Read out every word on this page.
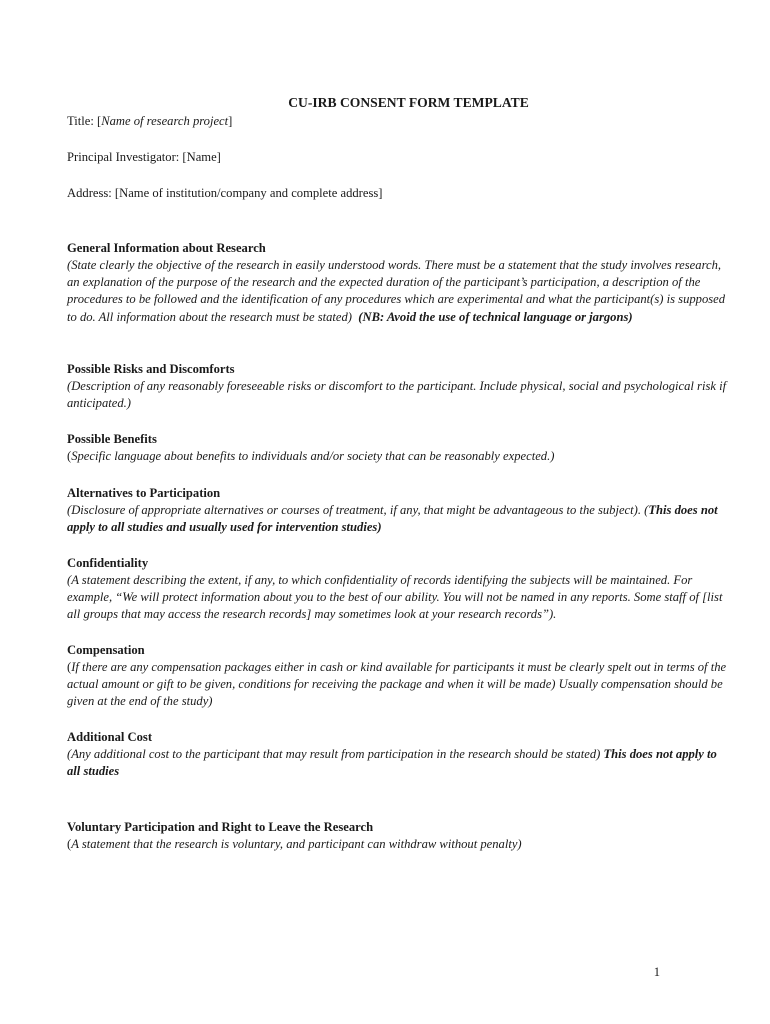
CU-IRB CONSENT FORM TEMPLATE
Title: [Name of research project]
Principal Investigator: [Name]
Address: [Name of institution/company and complete address]
General Information about Research

(State clearly the objective of the research in easily understood words. There must be a statement that the study involves research, an explanation of the purpose of the research and the expected duration of the participant’s participation, a description of the procedures to be followed and the identification of any procedures which are experimental and what the participant(s) is supposed to do. All information about the research must be stated) (NB: Avoid the use of technical language or jargons)

Possible Risks and Discomforts

(Description of any reasonably foreseeable risks or discomfort to the participant. Include physical, social and psychological risk if anticipated.)

Possible Benefits

(Specific language about benefits to individuals and/or society that can be reasonably expected.)

Alternatives to Participation

(Disclosure of appropriate alternatives or courses of treatment, if any, that might be advantageous to the subject). (This does not apply to all studies and usually used for intervention studies)

Confidentiality

(A statement describing the extent, if any, to which confidentiality of records identifying the subjects will be maintained. For example, “We will protect information about you to the best of our ability. You will not be named in any reports. Some staff of [list all groups that may access the research records] may sometimes look at your research records”).

Compensation

(If there are any compensation packages either in cash or kind available for participants it must be clearly spelt out in terms of the actual amount or gift to be given, conditions for receiving the package and when it will be made) Usually compensation should be given at the end of the study)

Additional Cost

(Any additional cost to the participant that may result from participation in the research should be stated) This does not apply to all studies

Voluntary Participation and Right to Leave the Research

(A statement that the research is voluntary, and participant can withdraw without penalty)

1
